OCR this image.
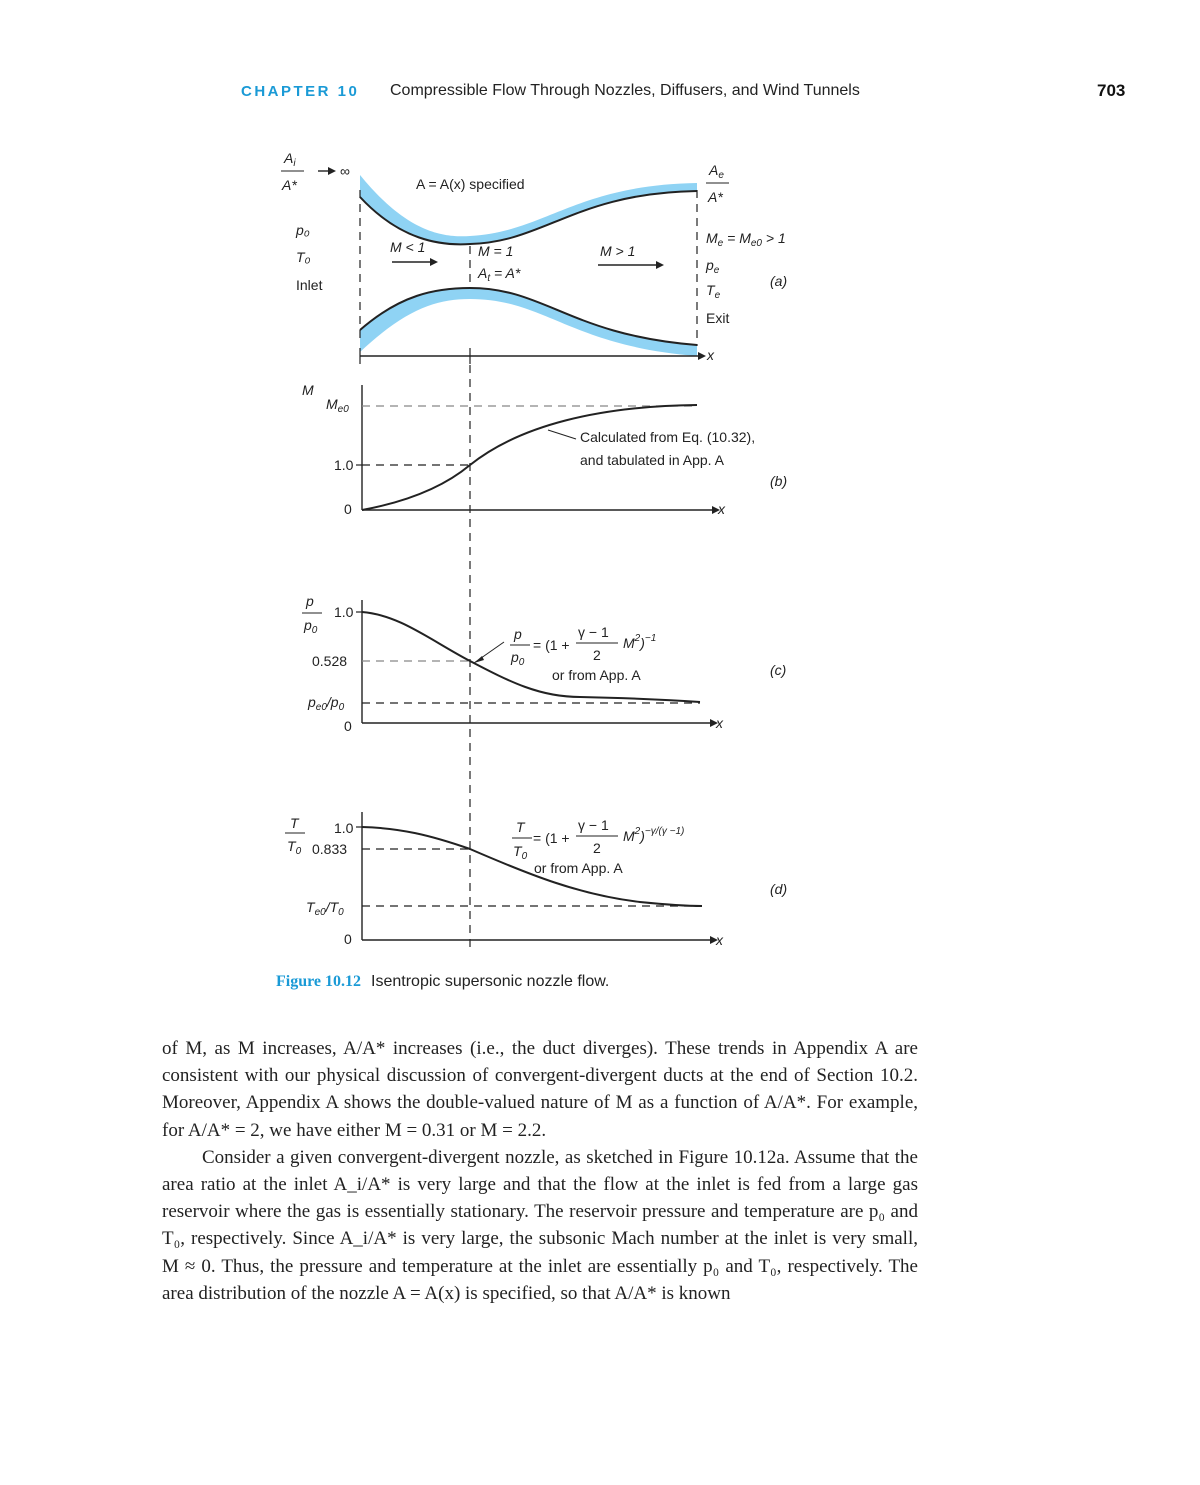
CHAPTER 10 Compressible Flow Through Nozzles, Diffusers, and Wind Tunnels	703
$A_i$
A*
∞
A = A(x) specified
p₀
T₀
Inlet
M < 1	M = 1
$A_t = A*$
M > 1
$A_e$
A*
$M_e = M_{e0} > 1$
$p_e$
$T_e$
Exit
(a)
x
M
$M_{e0}$
1.0
0
Calculated from Eq. (10.32),
and tabulated in App. A
(b)
x
p
$p_0$
1.0
0.528
$p_{e0}/p_0$
0
p
$p_0$
= (1 +
γ − 1
2
$M^2)^{-1}$
or from App. A	(c)
x
T
$T_0$
1.0
0.833
$T_{e0}/T_0$
0
T
$T_0$
= (1 +
γ − 1
2
$M^2)^{-\gamma/(\gamma -1)}$
or from App. A
(d)
x
Figure 10.12 Isentropic supersonic nozzle flow.

of M, as M increases, A/A* increases (i.e., the duct diverges). These trends in Appendix A are consistent with our physical discussion of convergent-divergent ducts at the end of Section 10.2. Moreover, Appendix A shows the double-valued nature of M as a function of A/A*. For example, for A/A* = 2, we have either M = 0.31 or M = 2.2.

Consider a given convergent-divergent nozzle, as sketched in Figure 10.12a. Assume that the area ratio at the inlet A_i/A* is very large and that the flow at the inlet is fed from a large gas reservoir where the gas is essentially stationary. The reservoir pressure and temperature are p₀ and T₀, respectively. Since A_i/A* is very large, the subsonic Mach number at the inlet is very small, M ≈ 0. Thus, the pressure and temperature at the inlet are essentially p₀ and T₀, respectively. The area distribution of the nozzle A = A(x) is specified, so that A/A* is known
